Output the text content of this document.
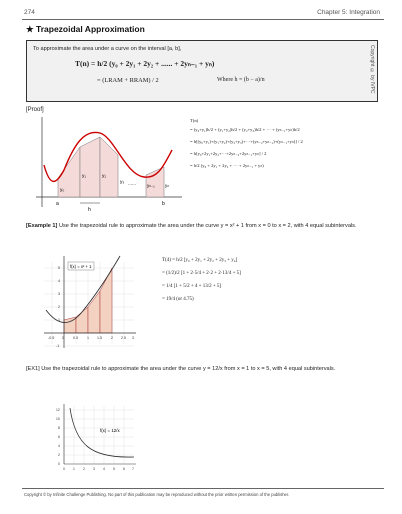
274	Chapter 5: Integration
★ Trapezoidal Approximation
To approximate the area under a curve on the interval [a, b],
T(n) = h/2 (y₀ + 2y₁ + 2y₂ + ...... + 2yₙ₋₁ + yₙ)
= (LRAM + RRAM) / 2	Where h = (b − a)/n	Copyright © by IVPC
[Proof]
y₀
y₁	y₂
y₃ ......	yₙ₋₁ yₙ
a	b
h
T(n)
= (y₀+y₁)h/2 + (y₁+y₂)h/2 + (y₂+y₃)h/2 + ··· + (yₙ₋₁+yₙ)h/2
= h[(y₀+y₁)+(y₁+y₂)+(y₂+y₃)+···+(yₙ₋₂+yₙ₋₁)+(yₙ₋₁+yₙ)] / 2
= h[y₀+2y₁+2y₂+···+2yₙ₋₂+2yₙ₋₁+yₙ] / 2
= h/2 (y₀ + 2y₁ + 2y₂ + ··· + 2yₙ₋₁ + yₙ)
[Example 1] Use the trapezoidal rule to approximate the area under the curve y = x² + 1 from x = 0 to x = 2, with 4 equal subintervals.
-0.5 0	0.5	1 1.5	2 2.5 3
5
4
3
2
1
-1
f(x) = x² + 1
T(4) = h/2 [y₀ + 2y₁ + 2y₂ + 2y₃ + y₄]
= (1/2)/2 [1 + 2·5/4 + 2·2 + 2·13/4 + 5]
= 1/4 [1 + 5/2 + 4 + 13/2 + 5]
= 19/4 (or 4.75)
[EX1] Use the trapezoidal rule to approximate the area under the curve y = 12/x from x = 1 to x = 5, with 4 equal subintervals.
0 1 2 3 4 5 6 7
12
10
8
6
4
2
0
f(x) = 12/x
Copyright © by Infinite Challenge Publishing. No part of this publication may be reproduced without the prior written permission of the publisher.
